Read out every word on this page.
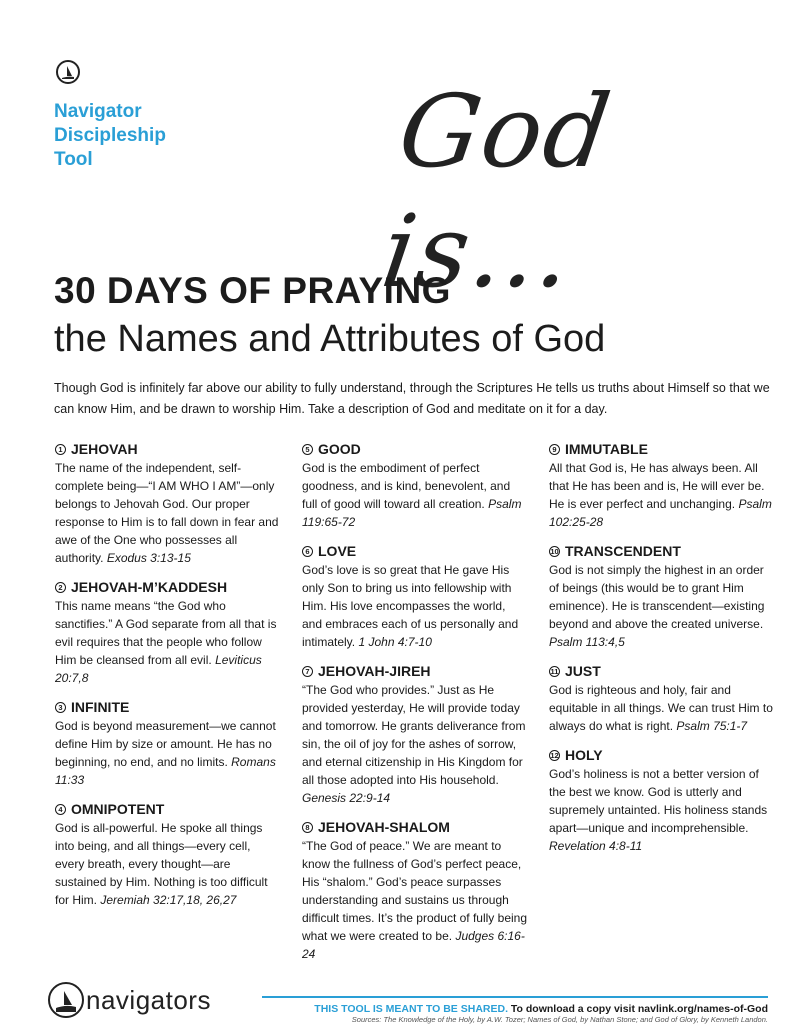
Navigator
Discipleship
Tool	God is…
30 DAYS OF PRAYING
the Names and Attributes of God
Though God is infinitely far above our ability to fully understand, through the Scriptures He tells us truths about Himself so that we can know Him, and be drawn to worship Him. Take a description of God and meditate on it for a day.
1 JEHOVAH
The name of the independent, self-complete being—“I AM WHO I AM”—only belongs to Jehovah God. Our proper response to Him is to fall down in fear and awe of the One who possesses all authority. Exodus 3:13-15
2 JEHOVAH-M’KADDESH
This name means “the God who sanctifies.” A God separate from all that is evil requires that the people who follow Him be cleansed from all evil. Leviticus 20:7,8
3 INFINITE
God is beyond measurement—we cannot define Him by size or amount. He has no beginning, no end, and no limits. Romans 11:33
4 OMNIPOTENT
God is all-powerful. He spoke all things into being, and all things—every cell, every breath, every thought—are sustained by Him. Nothing is too difficult for Him. Jeremiah 32:17,18, 26,27
5 GOOD
God is the embodiment of perfect goodness, and is kind, benevolent, and full of good will toward all creation. Psalm 119:65-72
6 LOVE
God’s love is so great that He gave His only Son to bring us into fellowship with Him. His love encompasses the world, and embraces each of us personally and intimately. 1 John 4:7-10
7 JEHOVAH-JIREH
“The God who provides.” Just as He provided yesterday, He will provide today and tomorrow. He grants deliverance from sin, the oil of joy for the ashes of sorrow, and eternal citizenship in His Kingdom for all those adopted into His household. Genesis 22:9-14
8 JEHOVAH-SHALOM
“The God of peace.” We are meant to know the fullness of God’s perfect peace, His “shalom.” God’s peace surpasses understanding and sustains us through difficult times. It’s the product of fully being what we were created to be. Judges 6:16-24
9 IMMUTABLE
All that God is, He has always been. All that He has been and is, He will ever be. He is ever perfect and unchanging. Psalm 102:25-28
10 TRANSCENDENT
God is not simply the highest in an order of beings (this would be to grant Him eminence). He is transcendent—existing beyond and above the created universe. Psalm 113:4,5
11 JUST
God is righteous and holy, fair and equitable in all things. We can trust Him to always do what is right. Psalm 75:1-7
12 HOLY
God’s holiness is not a better version of the best we know. God is utterly and supremely untainted. His holiness stands apart—unique and incomprehensible. Revelation 4:8-11
navigators	THIS TOOL IS MEANT TO BE SHARED. To download a copy visit navlink.org/names-of-God
Sources: The Knowledge of the Holy, by A.W. Tozer; Names of God, by Nathan Stone; and God of Glory, by Kenneth Landon.
